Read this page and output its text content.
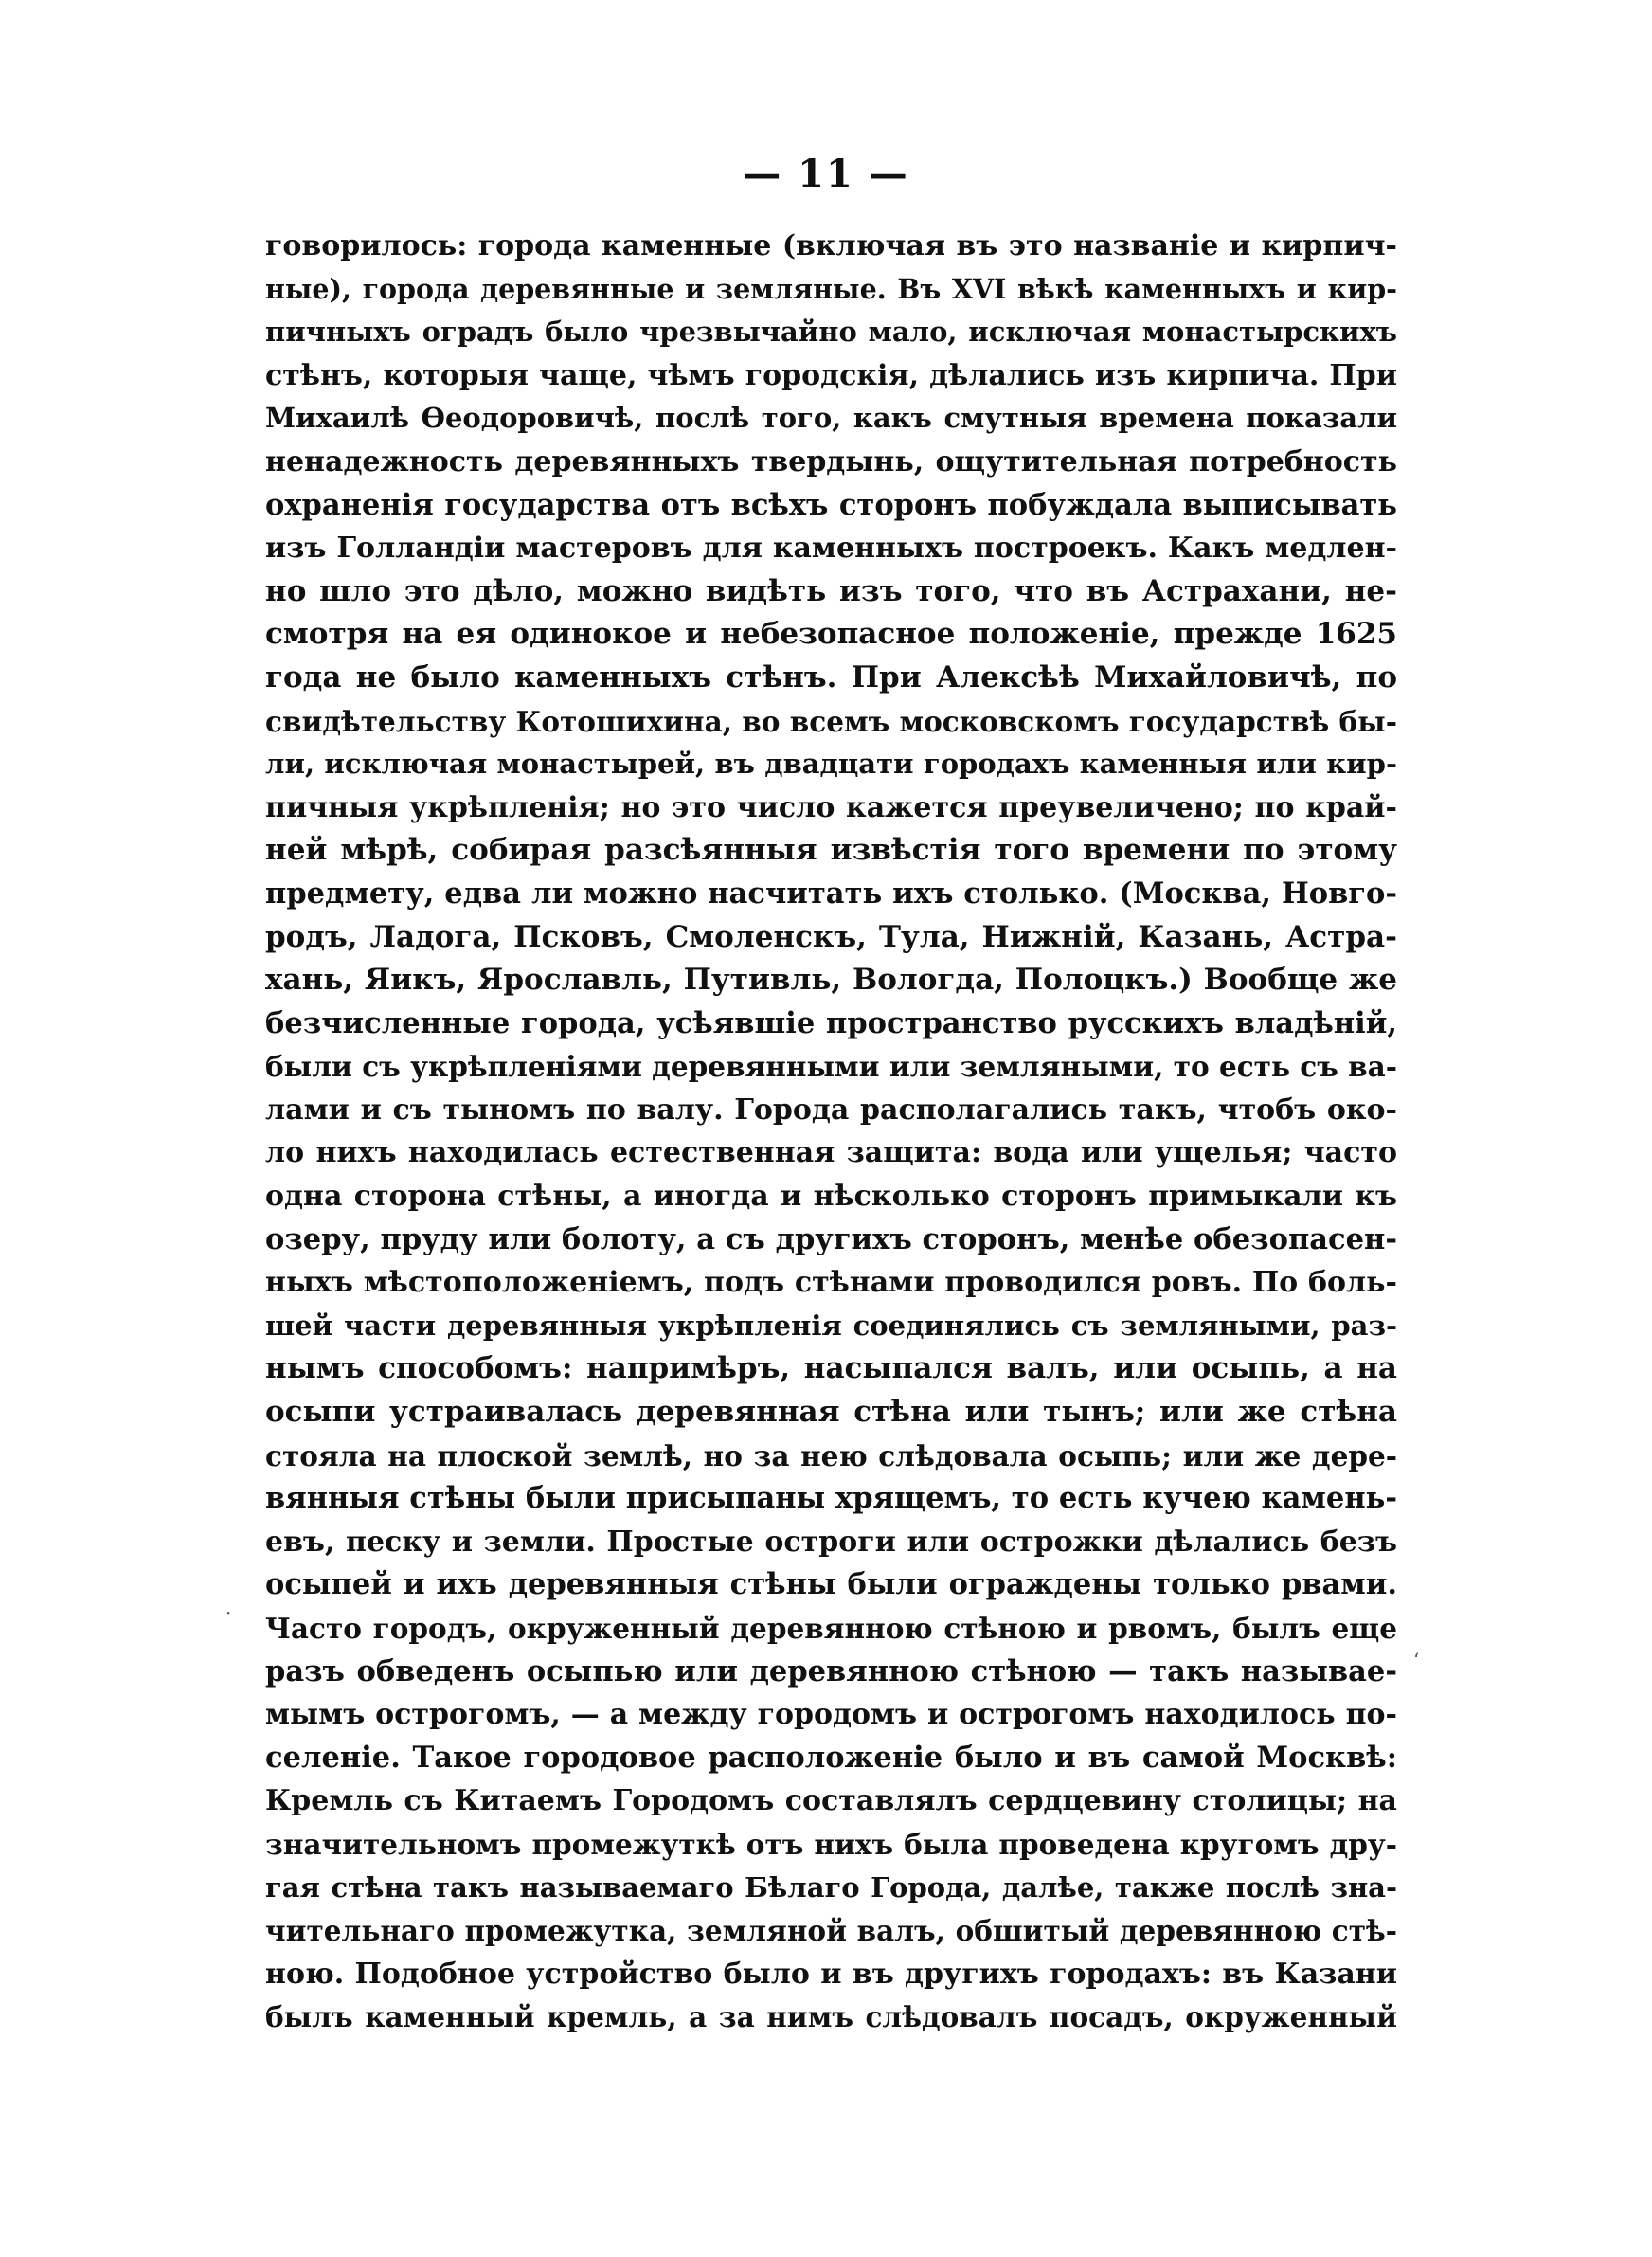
— 11 —
говорилось: города каменные (включая въ это названіе и кирпич-
ные), города деревянные и земляные. Въ XVI вѣкѣ каменныхъ и кир-
пичныхъ оградъ было чрезвычайно мало, исключая монастырскихъ
стѣнъ, которыя чаще, чѣмъ городскія, дѣлались изъ кирпича. При
Михаилѣ Ѳеодоровичѣ, послѣ того, какъ смутныя времена показали
ненадежность деревянныхъ твердынь, ощутительная потребность
охраненія государства отъ всѣхъ сторонъ побуждала выписывать
изъ Голландіи мастеровъ для каменныхъ построекъ. Какъ медлен-
но шло это дѣло, можно видѣть изъ того, что въ Астрахани, не-
смотря на ея одинокое и небезопасное положеніе, прежде 1625
года не было каменныхъ стѣнъ. При Алексѣѣ Михайловичѣ, по
свидѣтельству Котошихина, во всемъ московскомъ государствѣ бы-
ли, исключая монастырей, въ двадцати городахъ каменныя или кир-
пичныя укрѣпленія; но это число кажется преувеличено; по край-
ней мѣрѣ, собирая разсѣянныя извѣстія того времени по этому
предмету, едва ли можно насчитать ихъ столько. (Москва, Новго-
родъ, Ладога, Псковъ, Смоленскъ, Тула, Нижній, Казань, Астра-
хань, Яикъ, Ярославль, Путивль, Вологда, Полоцкъ.) Вообще же
безчисленные города, усѣявшіе пространство русскихъ владѣній,
были съ укрѣпленіями деревянными или земляными, то есть съ ва-
лами и съ тыномъ по валу. Города располагались такъ, чтобъ око-
ло нихъ находилась естественная защита: вода или ущелья; часто
одна сторона стѣны, а иногда и нѣсколько сторонъ примыкали къ
озеру, пруду или болоту, а съ другихъ сторонъ, менѣе обезопасен-
ныхъ мѣстоположеніемъ, подъ стѣнами проводился ровъ. По боль-
шей части деревянныя укрѣпленія соединялись съ земляными, раз-
нымъ способомъ: напримѣръ, насыпался валъ, или осыпь, а на
осыпи устраивалась деревянная стѣна или тынъ; или же стѣна
стояла на плоской землѣ, но за нею слѣдовала осыпь; или же дере-
вянныя стѣны были присыпаны хрящемъ, то есть кучею камень-
евъ, песку и земли. Простые остроги или острожки дѣлались безъ
осыпей и ихъ деревянныя стѣны были ограждены только рвами.
Часто городъ, окруженный деревянною стѣною и рвомъ, былъ еще
разъ обведенъ осыпью или деревянною стѣною — такъ называе-
мымъ острогомъ, — а между городомъ и острогомъ находилось по-
селеніе. Такое городовое расположеніе было и въ самой Москвѣ:
Кремль съ Китаемъ Городомъ составлялъ сердцевину столицы; на
значительномъ промежуткѣ отъ нихъ была проведена кругомъ дру-
гая стѣна такъ называемаго Бѣлаго Города, далѣе, также послѣ зна-
чительнаго промежутка, земляной валъ, обшитый деревянною стѣ-
ною. Подобное устройство было и въ другихъ городахъ: въ Казани
былъ каменный кремль, а за нимъ слѣдовалъ посадъ, окруженный
·
‘
